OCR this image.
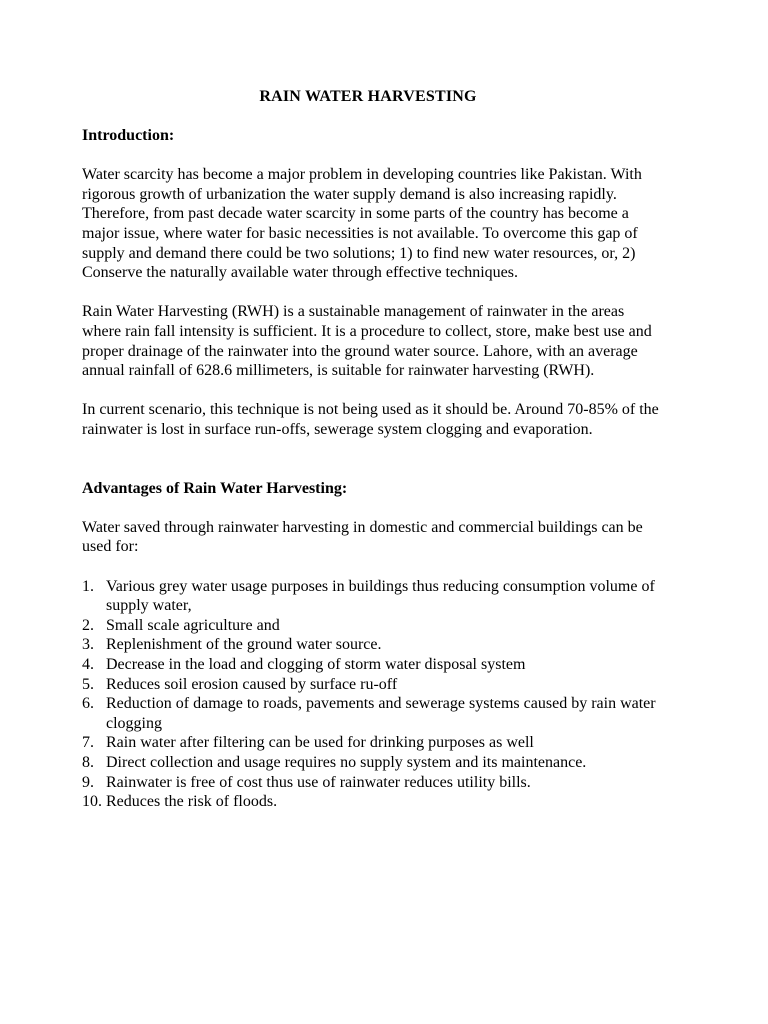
RAIN WATER HARVESTING
Introduction:
Water scarcity has become a major problem in developing countries like Pakistan. With rigorous growth of urbanization the water supply demand is also increasing rapidly. Therefore, from past decade water scarcity in some parts of the country has become a major issue, where water for basic necessities is not available. To overcome this gap of supply and demand there could be two solutions; 1) to find new water resources, or, 2) Conserve the naturally available water through effective techniques.
Rain Water Harvesting (RWH) is a sustainable management of rainwater in the areas where rain fall intensity is sufficient. It is a procedure to collect, store, make best use and proper drainage of the rainwater into the ground water source. Lahore, with an average annual rainfall of 628.6 millimeters, is suitable for rainwater harvesting (RWH).
In current scenario, this technique is not being used as it should be. Around 70-85% of the rainwater is lost in surface run-offs, sewerage system clogging and evaporation.
Advantages of Rain Water Harvesting:
Water saved through rainwater harvesting in domestic and commercial buildings can be used for:
1. Various grey water usage purposes in buildings thus reducing consumption volume of supply water,
2. Small scale agriculture and
3. Replenishment of the ground water source.
4. Decrease in the load and clogging of storm water disposal system
5. Reduces soil erosion caused by surface ru-off
6. Reduction of damage to roads, pavements and sewerage systems caused by rain water clogging
7. Rain water after filtering can be used for drinking purposes as well
8. Direct collection and usage requires no supply system and its maintenance.
9. Rainwater is free of cost thus use of rainwater reduces utility bills.
10. Reduces the risk of floods.
